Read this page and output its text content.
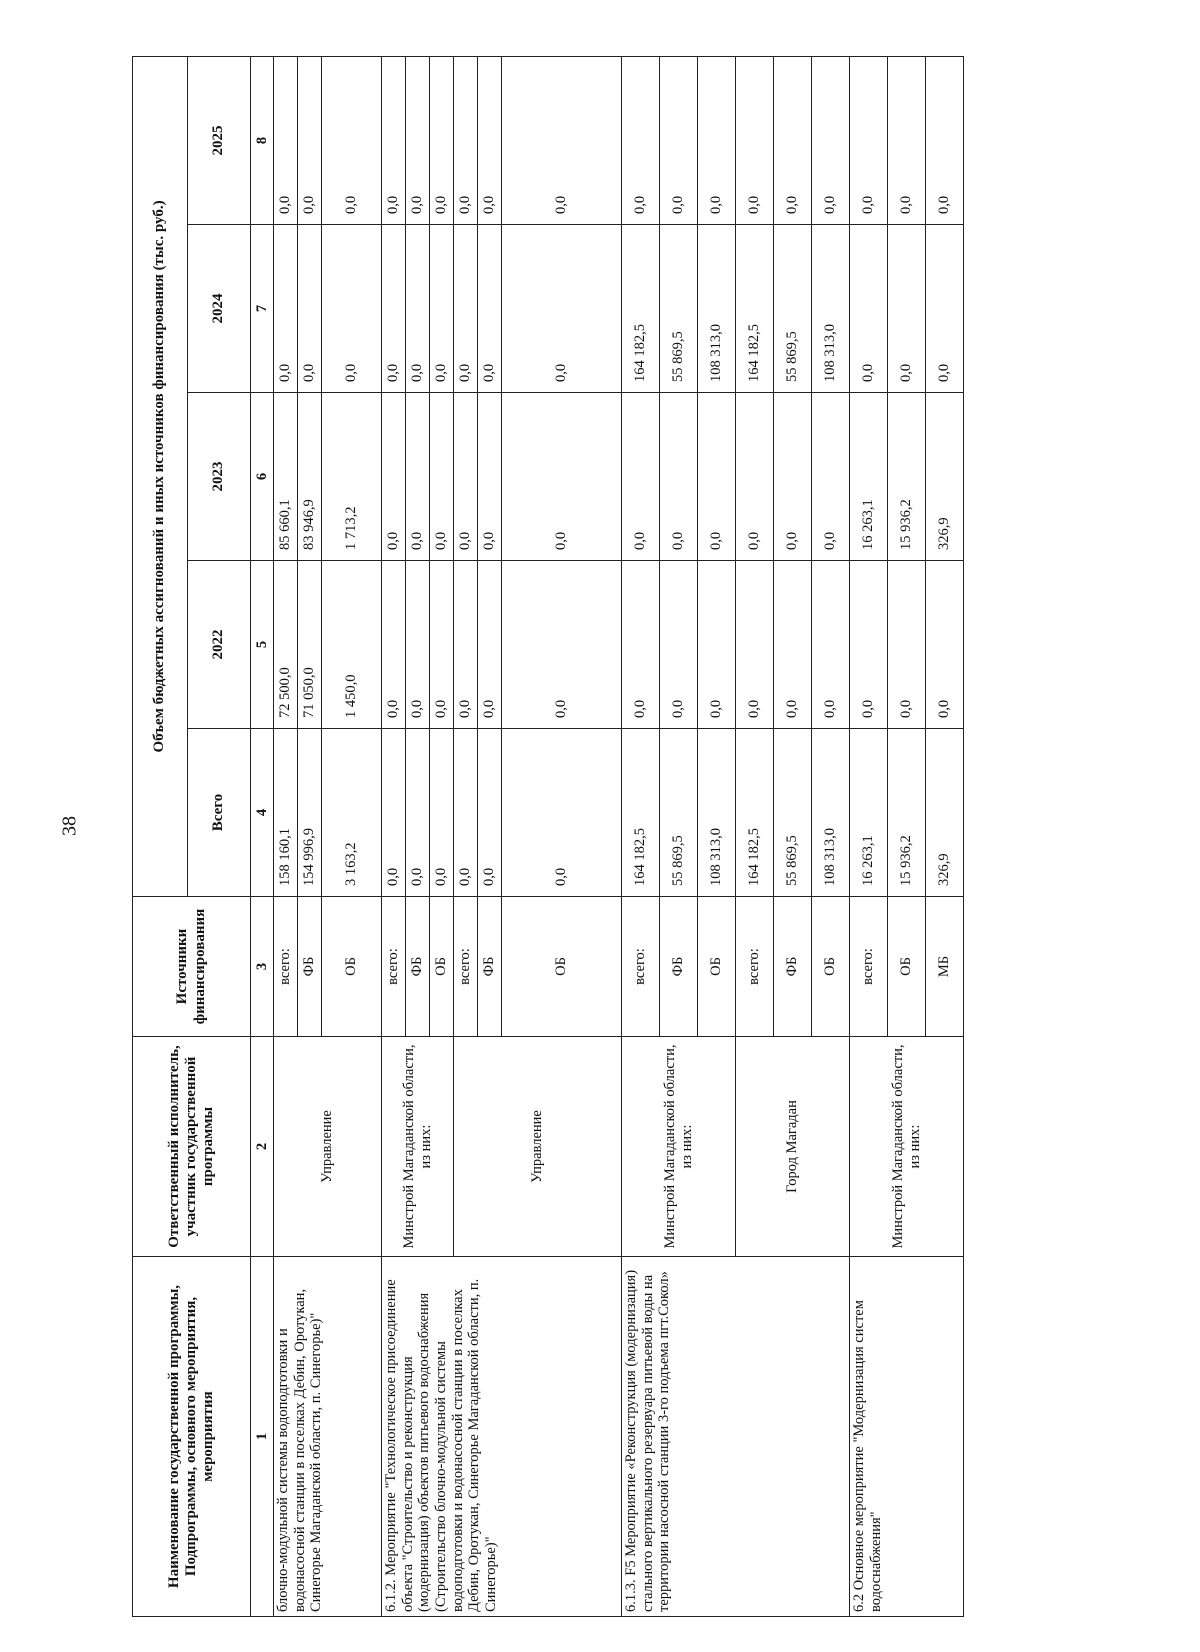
38
Наименование государственной программы, Подпрограммы, основного мероприятия, мероприятия	Ответственный исполнитель, участник государственной программы	Источники финансирования	Объем бюджетных ассигнований и иных источников финансирования (тыс. руб.)				
			Всего	2022	2023	2024	2025
1	2	3	4	5	6	7	8
блочно-модульной системы водоподготовки и водонасосной станции в поселках Дебин, Оротукан, Синегорье Магаданской области, п. Синегорье)"	Управление	всего:	158 160,1	72 500,0	85 660,1	0,0	0,0
		ФБ	154 996,9	71 050,0	83 946,9	0,0	0,0
		ОБ	3 163,2	1 450,0	1 713,2	0,0	0,0
6.1.2. Мероприятие "Технологическое присоединение объекта "Строительство и реконструкция (модернизация) объектов питьевого водоснабжения (Строительство блочно-модульной системы водоподготовки и водонасосной станции в поселках Дебин, Оротукан, Синегорье Магаданской области, п. Синегорье)"	Минстрой Магаданской области, из них:	всего:	0,0	0,0	0,0	0,0	0,0
		ФБ	0,0	0,0	0,0	0,0	0,0
		ОБ	0,0	0,0	0,0	0,0	0,0
	Управление	всего:	0,0	0,0	0,0	0,0	0,0
		ФБ	0,0	0,0	0,0	0,0	0,0
		ОБ	0,0	0,0	0,0	0,0	0,0
6.1.3. F5 Мероприятие «Реконструкция (модернизация) стального вертикального резервуара питьевой воды на территории насосной станции 3-го подъема пгт.Сокол»	Минстрой Магаданской области, из них:	всего:	164 182,5	0,0	0,0	164 182,5	0,0
		ФБ	55 869,5	0,0	0,0	55 869,5	0,0
		ОБ	108 313,0	0,0	0,0	108 313,0	0,0
	Город Магадан	всего:	164 182,5	0,0	0,0	164 182,5	0,0
		ФБ	55 869,5	0,0	0,0	55 869,5	0,0
		ОБ	108 313,0	0,0	0,0	108 313,0	0,0
6.2 Основное мероприятие "Модернизация систем водоснабжения"	Минстрой Магаданской области, из них:	всего:	16 263,1	0,0	16 263,1	0,0	0,0
		ОБ	15 936,2	0,0	15 936,2	0,0	0,0
		МБ	326,9	0,0	326,9	0,0	0,0
